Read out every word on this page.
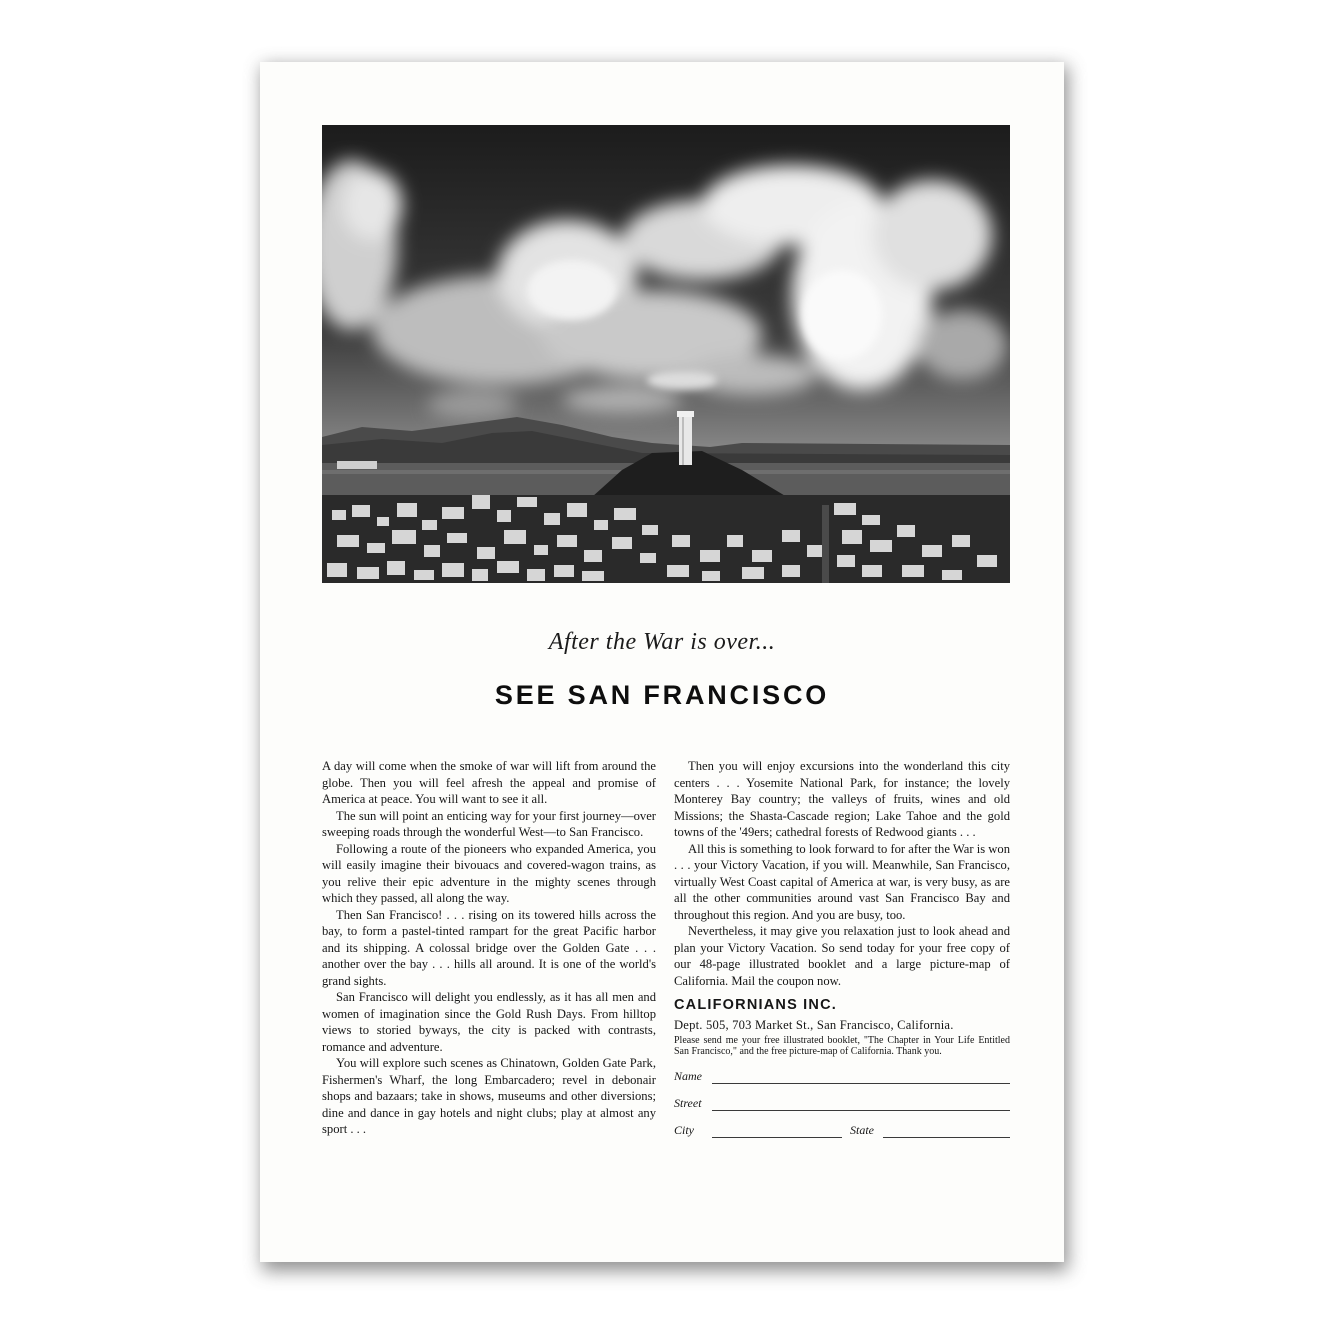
After the War is over...
SEE SAN FRANCISCO

A day will come when the smoke of war will lift from around the globe. Then you will feel afresh the appeal and promise of America at peace. You will want to see it all.

The sun will point an enticing way for your first journey—over sweeping roads through the wonderful West—to San Francisco.

Following a route of the pioneers who expanded America, you will easily imagine their bivouacs and covered-wagon trains, as you relive their epic adventure in the mighty scenes through which they passed, all along the way.

Then San Francisco! . . . rising on its towered hills across the bay, to form a pastel-tinted rampart for the great Pacific harbor and its shipping. A colossal bridge over the Golden Gate . . . another over the bay . . . hills all around. It is one of the world's grand sights.

San Francisco will delight you endlessly, as it has all men and women of imagination since the Gold Rush Days. From hilltop views to storied byways, the city is packed with contrasts, romance and adventure.

You will explore such scenes as Chinatown, Golden Gate Park, Fishermen's Wharf, the long Embarcadero; revel in debonair shops and bazaars; take in shows, museums and other diversions; dine and dance in gay hotels and night clubs; play at almost any sport . . .

Then you will enjoy excursions into the wonderland this city centers . . . Yosemite National Park, for instance; the lovely Monterey Bay country; the valleys of fruits, wines and old Missions; the Shasta-Cascade region; Lake Tahoe and the gold towns of the '49ers; cathedral forests of Redwood giants . . .

All this is something to look forward to for after the War is won . . . your Victory Vacation, if you will. Meanwhile, San Francisco, virtually West Coast capital of America at war, is very busy, as are all the other communities around vast San Francisco Bay and throughout this region. And you are busy, too.

Nevertheless, it may give you relaxation just to look ahead and plan your Victory Vacation. So send today for your free copy of our 48-page illustrated booklet and a large picture-map of California. Mail the coupon now.

CALIFORNIANS INC.
Dept. 505, 703 Market St., San Francisco, California.
Please send me your free illustrated booklet, "The Chapter in Your Life Entitled San Francisco," and the free picture-map of California. Thank you.
Name
Street
City	State
